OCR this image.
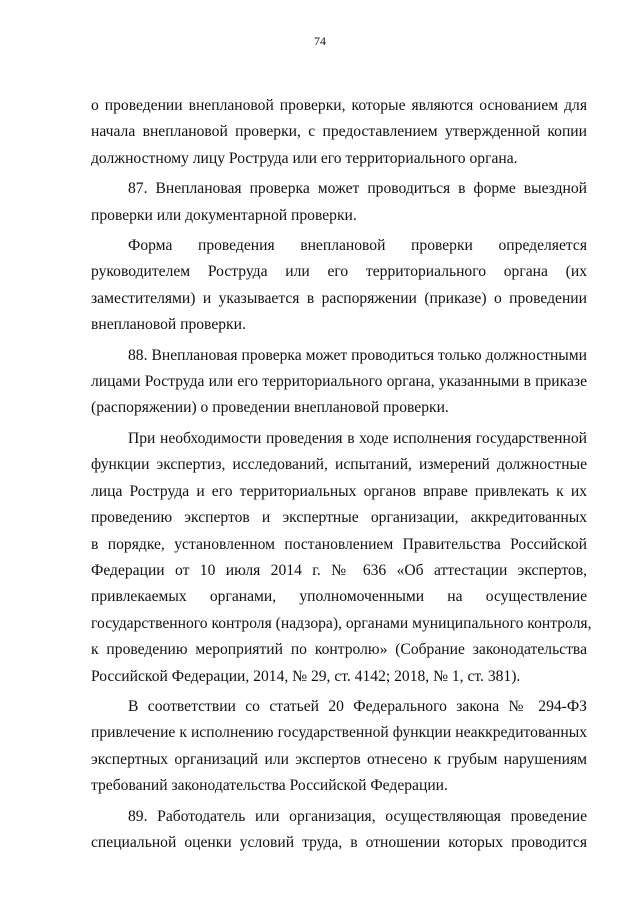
74
о проведении внеплановой проверки, которые являются основанием для
начала внеплановой проверки, с предоставлением утвержденной копии
должностному лицу Роструда или его территориального органа.
87. Внеплановая проверка может проводиться в форме выездной
проверки или документарной проверки.
Форма проведения внеплановой проверки определяется
руководителем Роструда или его территориального органа (их
заместителями) и указывается в распоряжении (приказе) о проведении
внеплановой проверки.
88. Внеплановая проверка может проводиться только должностными
лицами Роструда или его территориального органа, указанными в приказе
(распоряжении) о проведении внеплановой проверки.
При необходимости проведения в ходе исполнения государственной
функции экспертиз, исследований, испытаний, измерений должностные
лица Роструда и его территориальных органов вправе привлекать к их
проведению экспертов и экспертные организации, аккредитованных
в порядке, установленном постановлением Правительства Российской
Федерации от 10 июля 2014 г. № 636 «Об аттестации экспертов,
привлекаемых органами, уполномоченными на осуществление
государственного контроля (надзора), органами муниципального контроля,
к проведению мероприятий по контролю» (Собрание законодательства
Российской Федерации, 2014, № 29, ст. 4142; 2018, № 1, ст. 381).
В соответствии со статьей 20 Федерального закона № 294-ФЗ
привлечение к исполнению государственной функции неаккредитованных
экспертных организаций или экспертов отнесено к грубым нарушениям
требований законодательства Российской Федерации.
89. Работодатель или организация, осуществляющая проведение
специальной оценки условий труда, в отношении которых проводится
